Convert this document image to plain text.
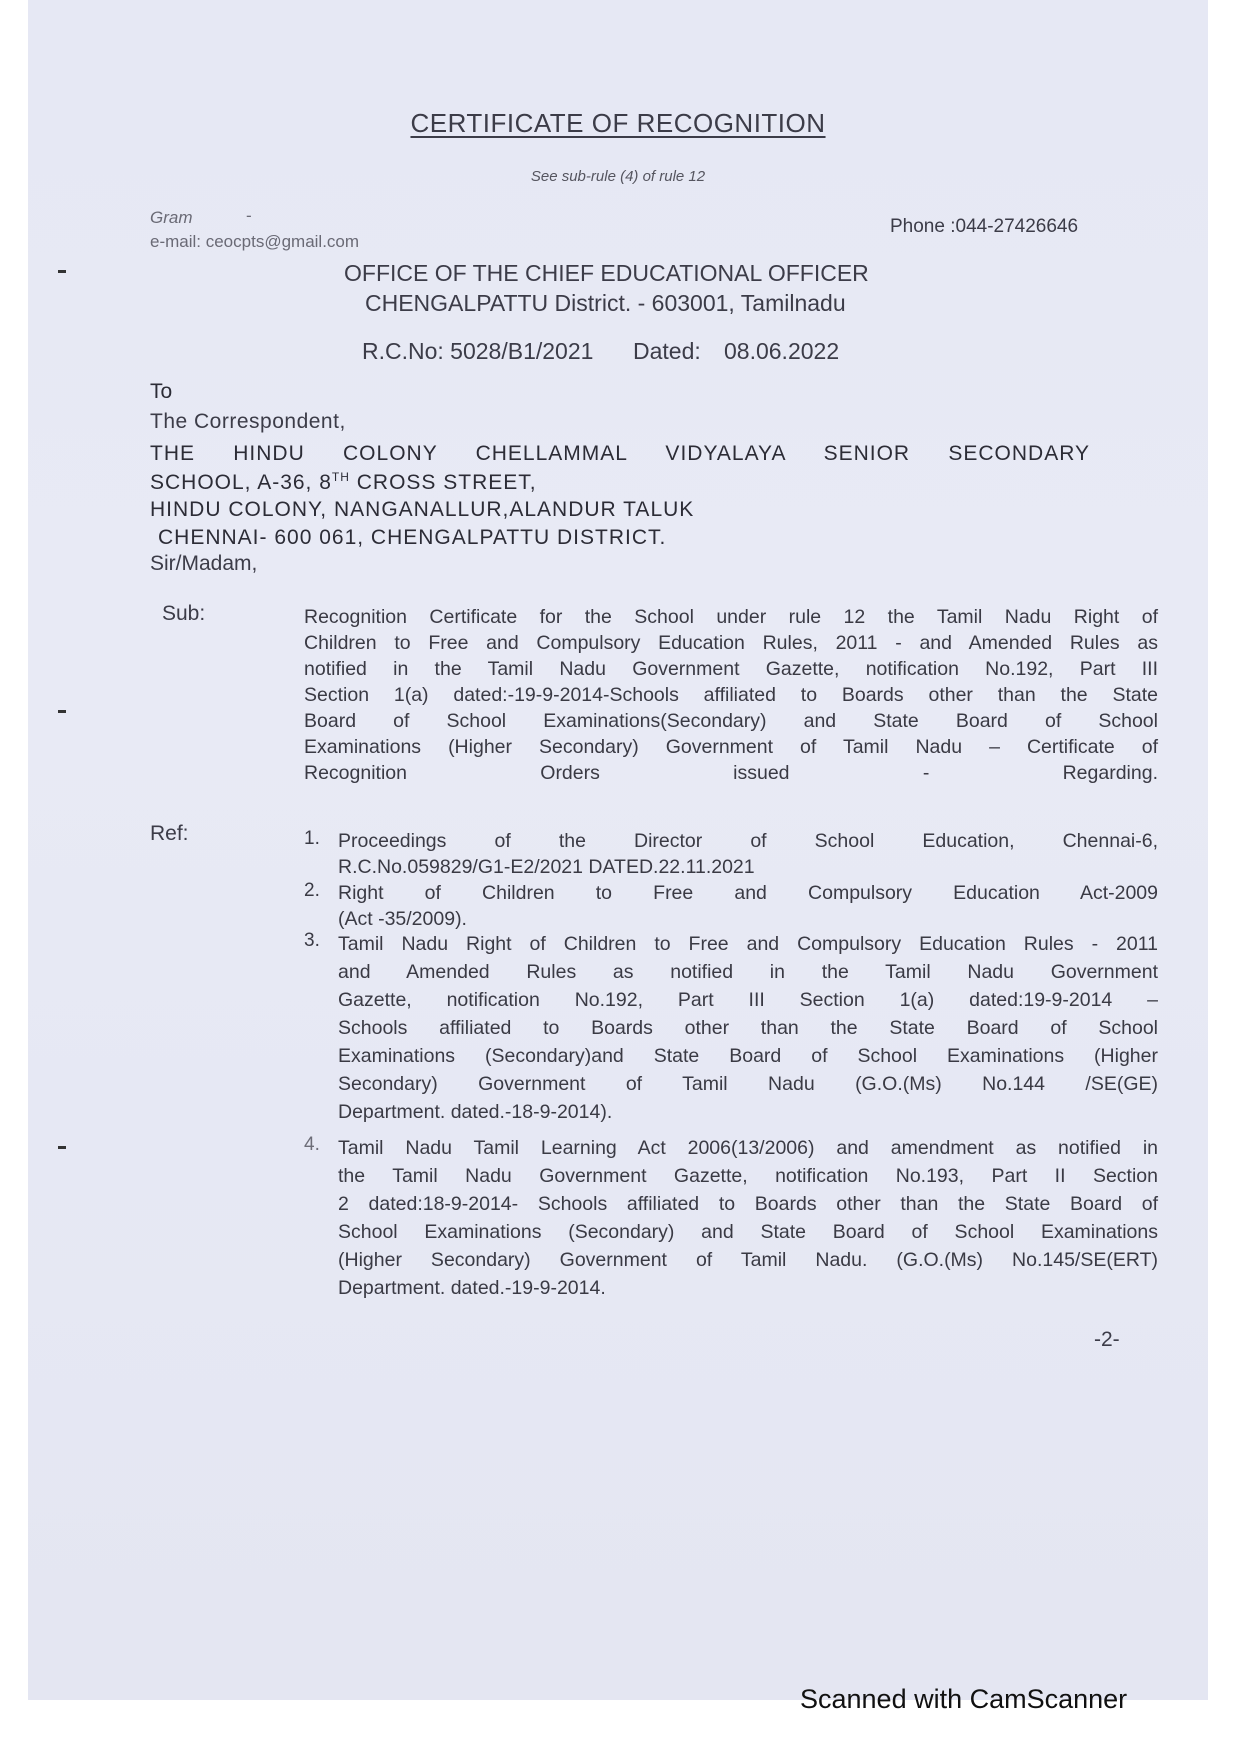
CERTIFICATE OF RECOGNITION
See sub-rule (4) of rule 12
Gram	-
e-mail: ceocpts@gmail.com
Phone :044-27426646
OFFICE OF THE CHIEF EDUCATIONAL OFFICER
CHENGALPATTU District. - 603001, Tamilnadu
R.C.No: 5028/B1/2021 Dated: 08.06.2022
To
The Correspondent,
THE HINDU COLONY CHELLAMMAL VIDYALAYA SENIOR SECONDARY
SCHOOL, A-36, 8TH CROSS STREET,
HINDU COLONY, NANGANALLUR,ALANDUR TALUK
CHENNAI- 600 061, CHENGALPATTU DISTRICT.
Sir/Madam,
Sub:	Recognition Certificate for the School under rule 12 the Tamil Nadu Right of
Children to Free and Compulsory Education Rules, 2011 - and Amended Rules as
notified in the Tamil Nadu Government Gazette, notification No.192, Part III
Section 1(a) dated:-19-9-2014-Schools affiliated to Boards other than the State
Board of School Examinations(Secondary) and State Board of School
Examinations (Higher Secondary) Government of Tamil Nadu – Certificate of
Recognition Orders issued - Regarding.
Ref:	1. Proceedings of the Director of School Education, Chennai-6,
R.C.No.059829/G1-E2/2021 DATED.22.11.2021
2. Right of Children to Free and Compulsory Education Act-2009
(Act -35/2009).
3. Tamil Nadu Right of Children to Free and Compulsory Education Rules - 2011
and Amended Rules as notified in the Tamil Nadu Government
Gazette, notification No.192, Part III Section 1(a) dated:19-9-2014 –
Schools affiliated to Boards other than the State Board of School
Examinations (Secondary)and State Board of School Examinations (Higher
Secondary) Government of Tamil Nadu (G.O.(Ms) No.144 /SE(GE)
Department. dated.-18-9-2014).
4. Tamil Nadu Tamil Learning Act 2006(13/2006) and amendment as notified in
the Tamil Nadu Government Gazette, notification No.193, Part II Section
2 dated:18-9-2014- Schools affiliated to Boards other than the State Board of
School Examinations (Secondary) and State Board of School Examinations
(Higher Secondary) Government of Tamil Nadu. (G.O.(Ms) No.145/SE(ERT)
Department. dated.-19-9-2014.
-2-
Scanned with CamScanner
